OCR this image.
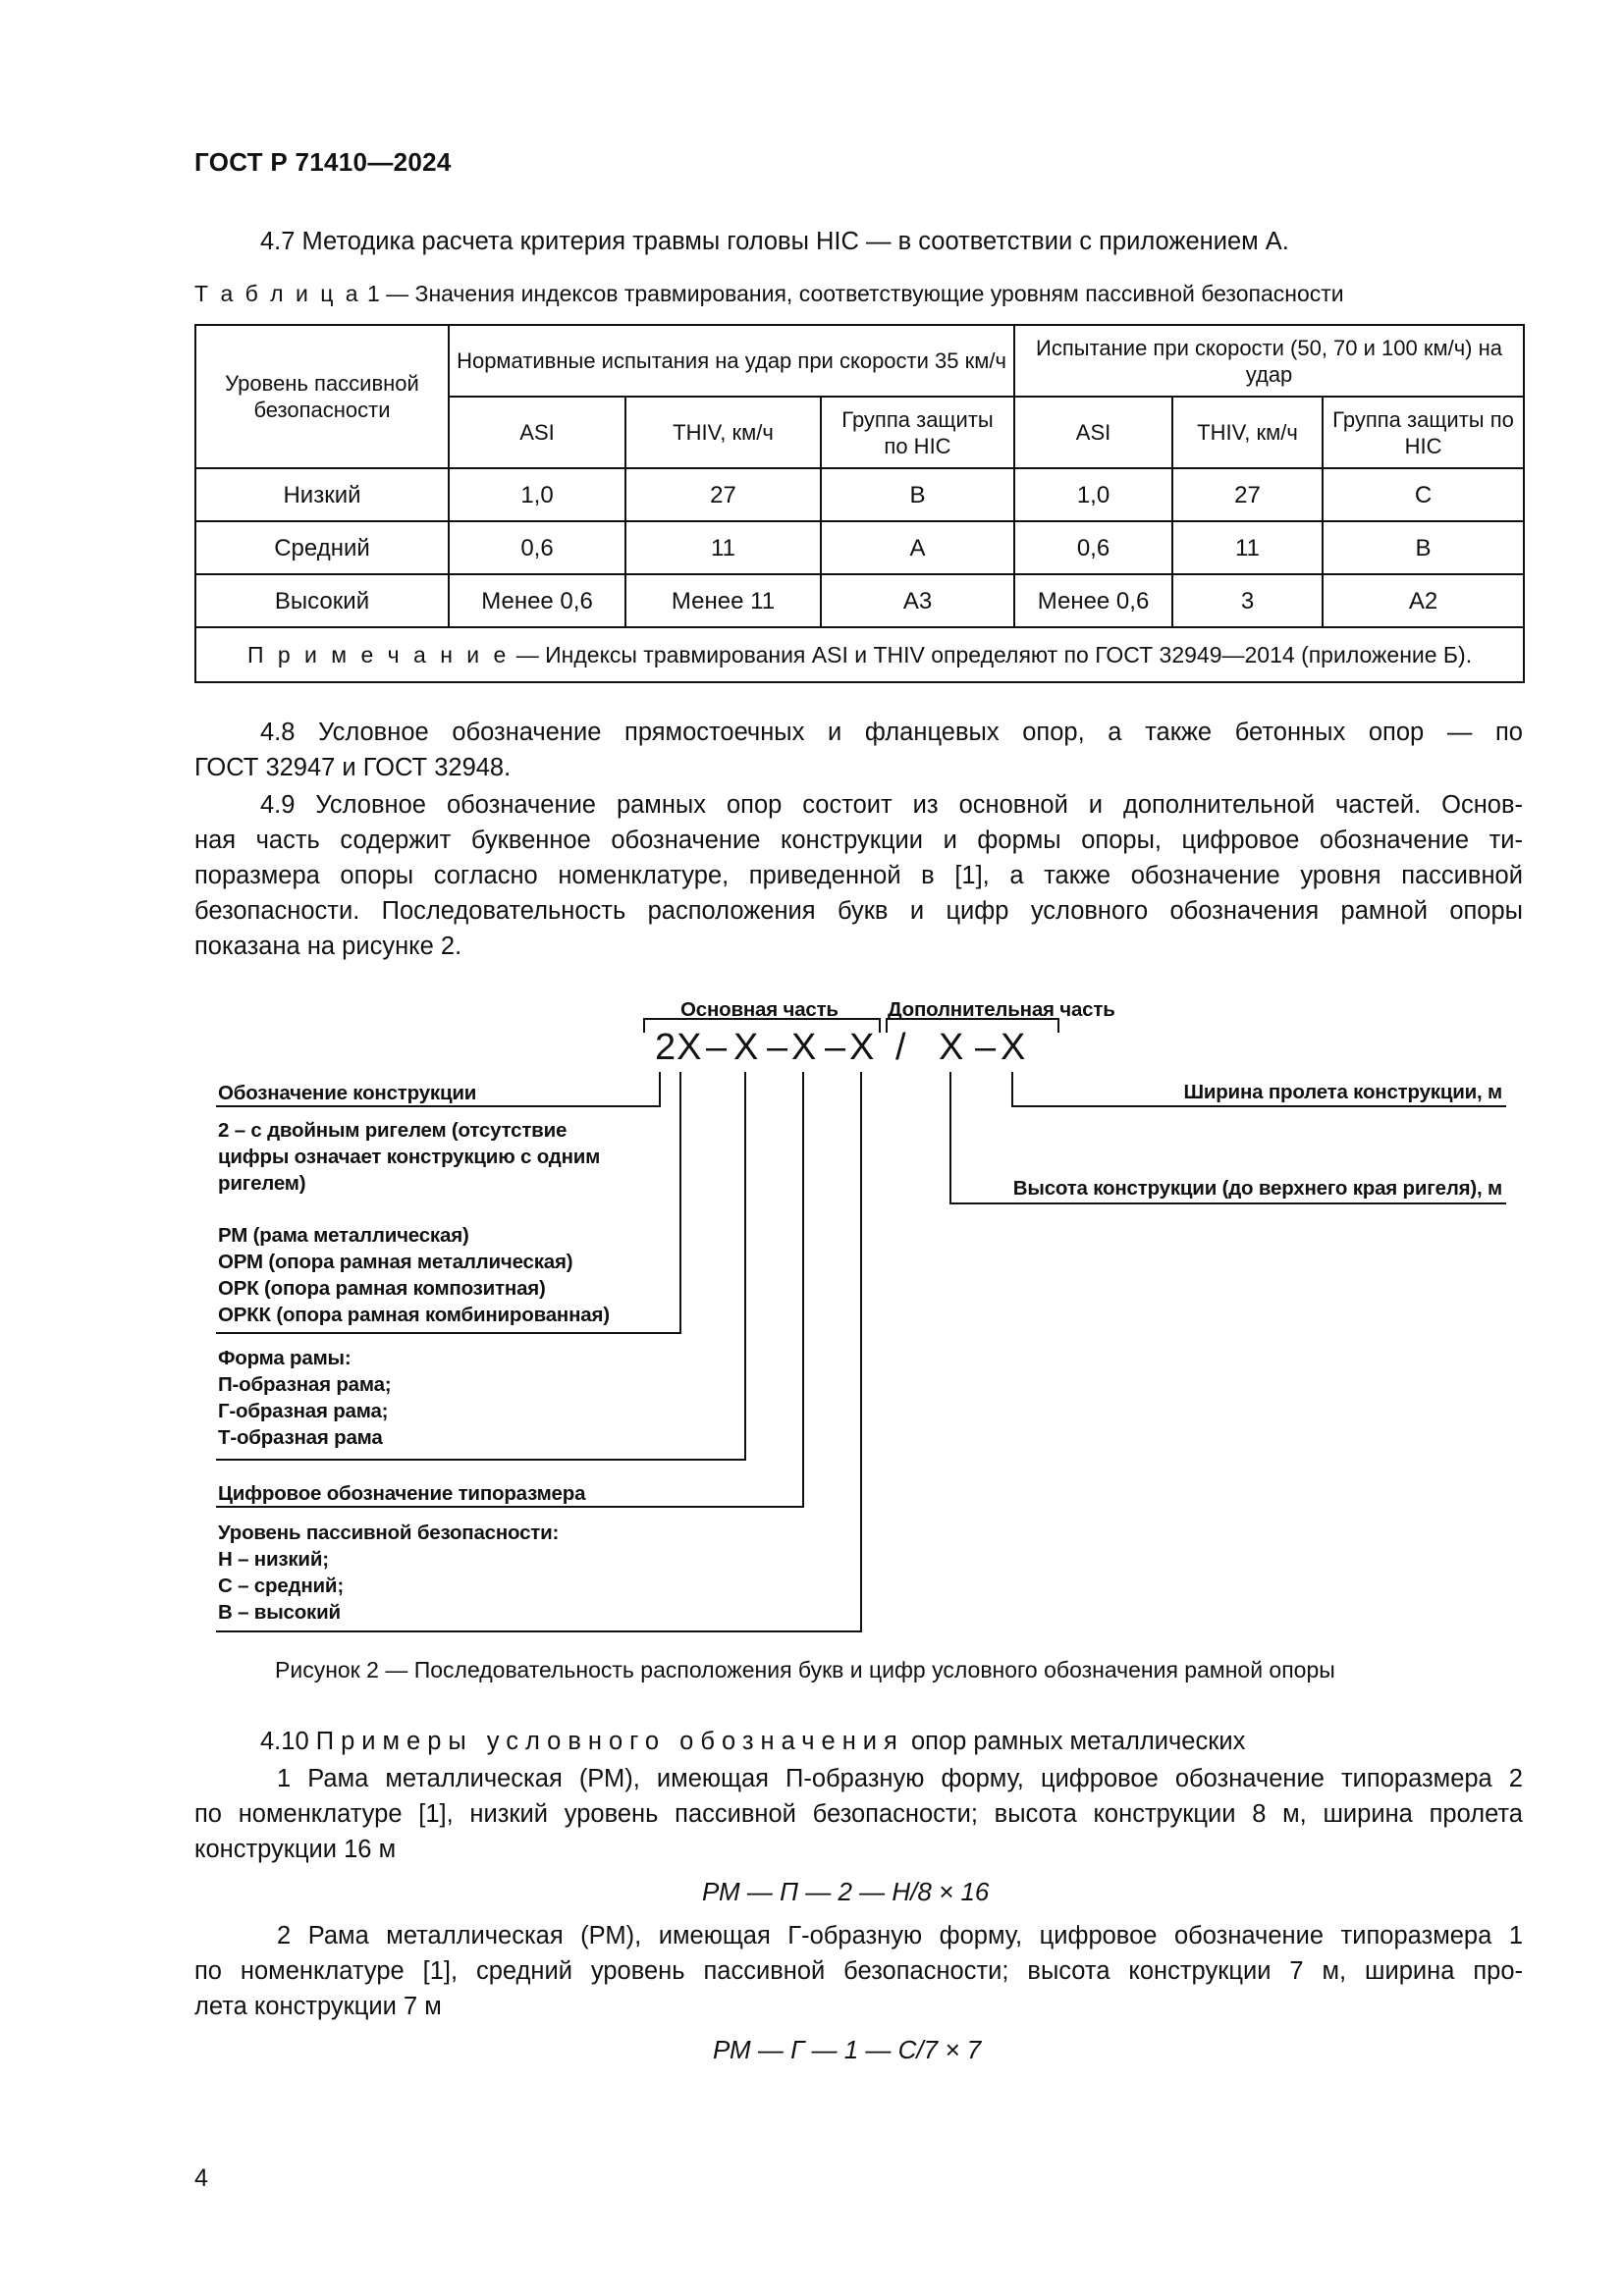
ГОСТ Р 71410—2024
4.7 Методика расчета критерия травмы головы HIC — в соответствии с приложением А.
Т а б л и ц а 1 — Значения индексов травмирования, соответствующие уровням пассивной безопасности
Уровень пассивной безопасности	Нормативные испытания на удар при скорости 35 км/ч			Испытание при скорости (50, 70 и 100 км/ч) на удар		
	ASI	THIV, км/ч	Группа защиты по HIC	ASI	THIV, км/ч	Группа защиты по HIC
Низкий	1,0	27	B	1,0	27	C
Средний	0,6	11	A	0,6	11	B
Высокий	Менее 0,6	Менее 11	A3	Менее 0,6	3	A2
П р и м е ч а н и е — Индексы травмирования ASI и THIV определяют по ГОСТ 32949—2014 (приложение Б).						
4.8 Условное обозначение прямостоечных и фланцевых опор, а также бетонных опор — по
ГОСТ 32947 и ГОСТ 32948.
4.9 Условное обозначение рамных опор состоит из основной и дополнительной частей. Основ-
ная часть содержит буквенное обозначение конструкции и формы опоры, цифровое обозначение ти-
поразмера опоры согласно номенклатуре, приведенной в [1], а также обозначение уровня пассивной
безопасности. Последовательность расположения букв и цифр условного обозначения рамной опоры
показана на рисунке 2.
Основная часть Дополнительная часть
2X – X – X – X / X – X
Обозначение конструкции
2 – с двойным ригелем (отсутствие
цифры означает конструкцию с одним
ригелем)
РМ (рама металлическая)
ОРМ (опора рамная металлическая)
ОРК (опора рамная композитная)
ОРКК (опора рамная комбинированная)
Форма рамы:
П-образная рама;
Г-образная рама;
Т-образная рама
Цифровое обозначение типоразмера
Уровень пассивной безопасности:
Н – низкий;
С – средний;
В – высокий
Ширина пролета конструкции, м
Высота конструкции (до верхнего края ригеля), м
Рисунок 2 — Последовательность расположения букв и цифр условного обозначения рамной опоры
4.10 Примеры условного обозначения опор рамных металлических
1 Рама металлическая (РМ), имеющая П-образную форму, цифровое обозначение типоразмера 2
по номенклатуре [1], низкий уровень пассивной безопасности; высота конструкции 8 м, ширина пролета
конструкции 16 м
РМ — П — 2 — Н/8 × 16
2 Рама металлическая (РМ), имеющая Г-образную форму, цифровое обозначение типоразмера 1
по номенклатуре [1], средний уровень пассивной безопасности; высота конструкции 7 м, ширина про-
лета конструкции 7 м
РМ — Г — 1 — С/7 × 7
4
